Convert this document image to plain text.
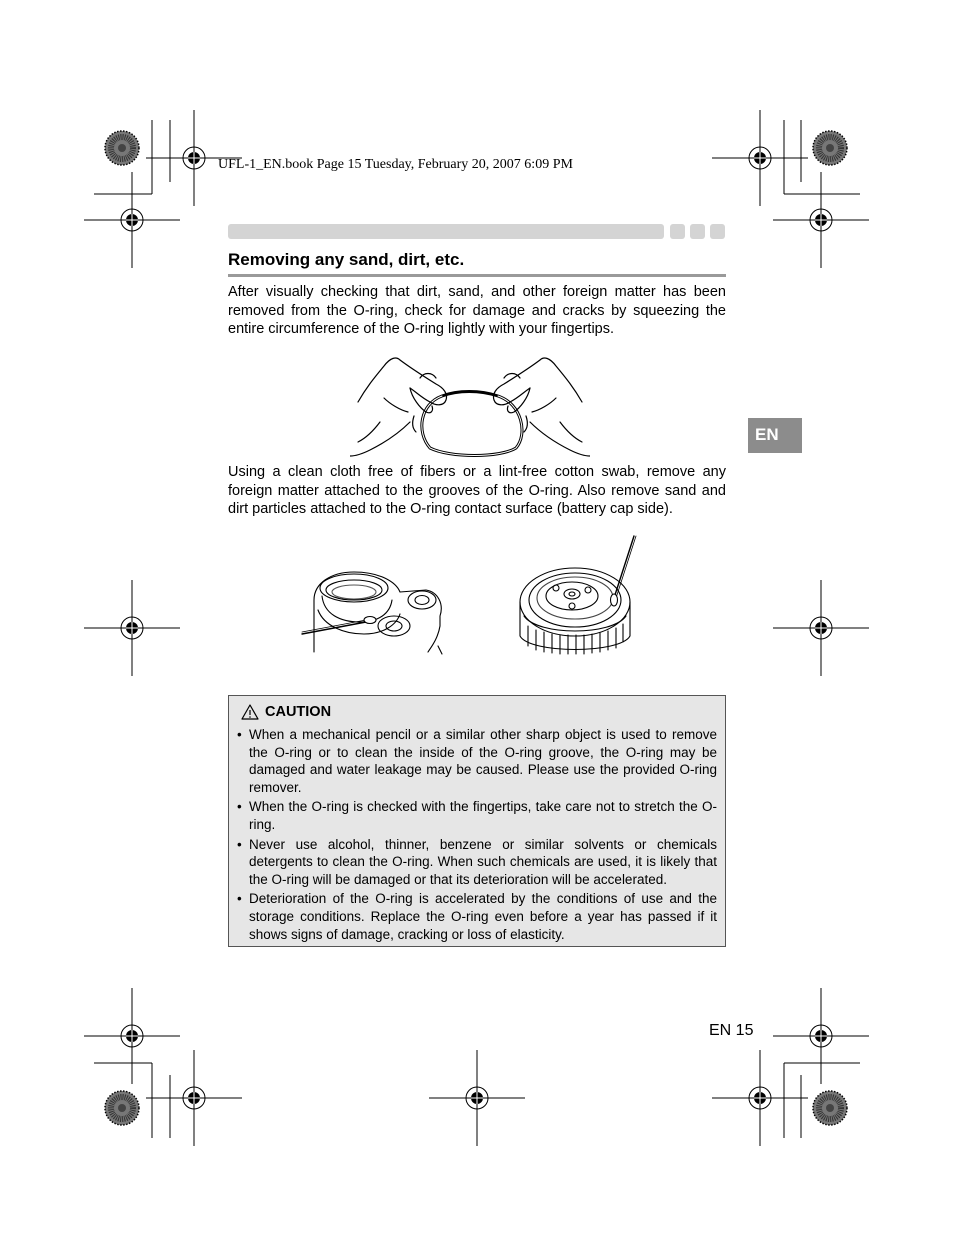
UFL-1_EN.book Page 15 Tuesday, February 20, 2007 6:09 PM
Removing any sand, dirt, etc.
After visually checking that dirt, sand, and other foreign matter has been removed from the O-ring, check for damage and cracks by squeezing the entire circumference of the O-ring lightly with your fingertips.
Using a clean cloth free of fibers or a lint-free cotton swab, remove any foreign matter attached to the grooves of the O-ring. Also remove sand and dirt particles attached to the O-ring contact surface (battery cap side).
EN
CAUTION
• When a mechanical pencil or a similar other sharp object is used to remove the O-ring or to clean the inside of the O-ring groove, the O-ring may be damaged and water leakage may be caused. Please use the provided O-ring remover.
• When the O-ring is checked with the fingertips, take care not to stretch the O-ring.
• Never use alcohol, thinner, benzene or similar solvents or chemicals detergents to clean the O-ring. When such chemicals are used, it is likely that the O-ring will be damaged or that its deterioration will be accelerated.
• Deterioration of the O-ring is accelerated by the conditions of use and the storage conditions. Replace the O-ring even before a year has passed if it shows signs of damage, cracking or loss of elasticity.
EN 15
